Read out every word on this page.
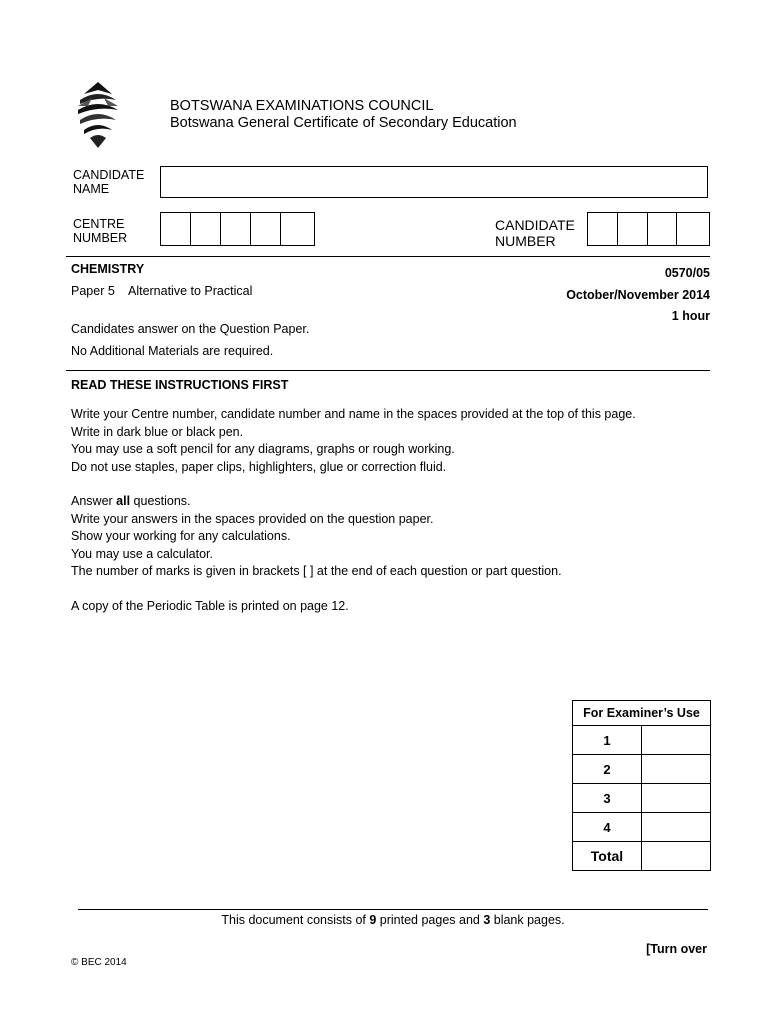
BOTSWANA EXAMINATIONS COUNCIL
Botswana General Certificate of Secondary Education
CANDIDATE
NAME
CENTRE
NUMBER
CANDIDATE
NUMBER
CHEMISTRY
Paper 5    Alternative to Practical
0570/05
October/November 2014
1 hour
Candidates answer on the Question Paper.
No Additional Materials are required.
READ THESE INSTRUCTIONS FIRST

Write your Centre number, candidate number and name in the spaces provided at the top of this page.

Write in dark blue or black pen.

You may use a soft pencil for any diagrams, graphs or rough working.

Do not use staples, paper clips, highlighters, glue or correction fluid.

Answer all questions.

Write your answers in the spaces provided on the question paper.

Show your working for any calculations.

You may use a calculator.

The number of marks is given in brackets [ ] at the end of each question or part question.

A copy of the Periodic Table is printed on page 12.

For Examiner’s Use	
1	
2	
3	
4	
Total	
This document consists of 9 printed pages and 3 blank pages.
[Turn over
© BEC 2014
